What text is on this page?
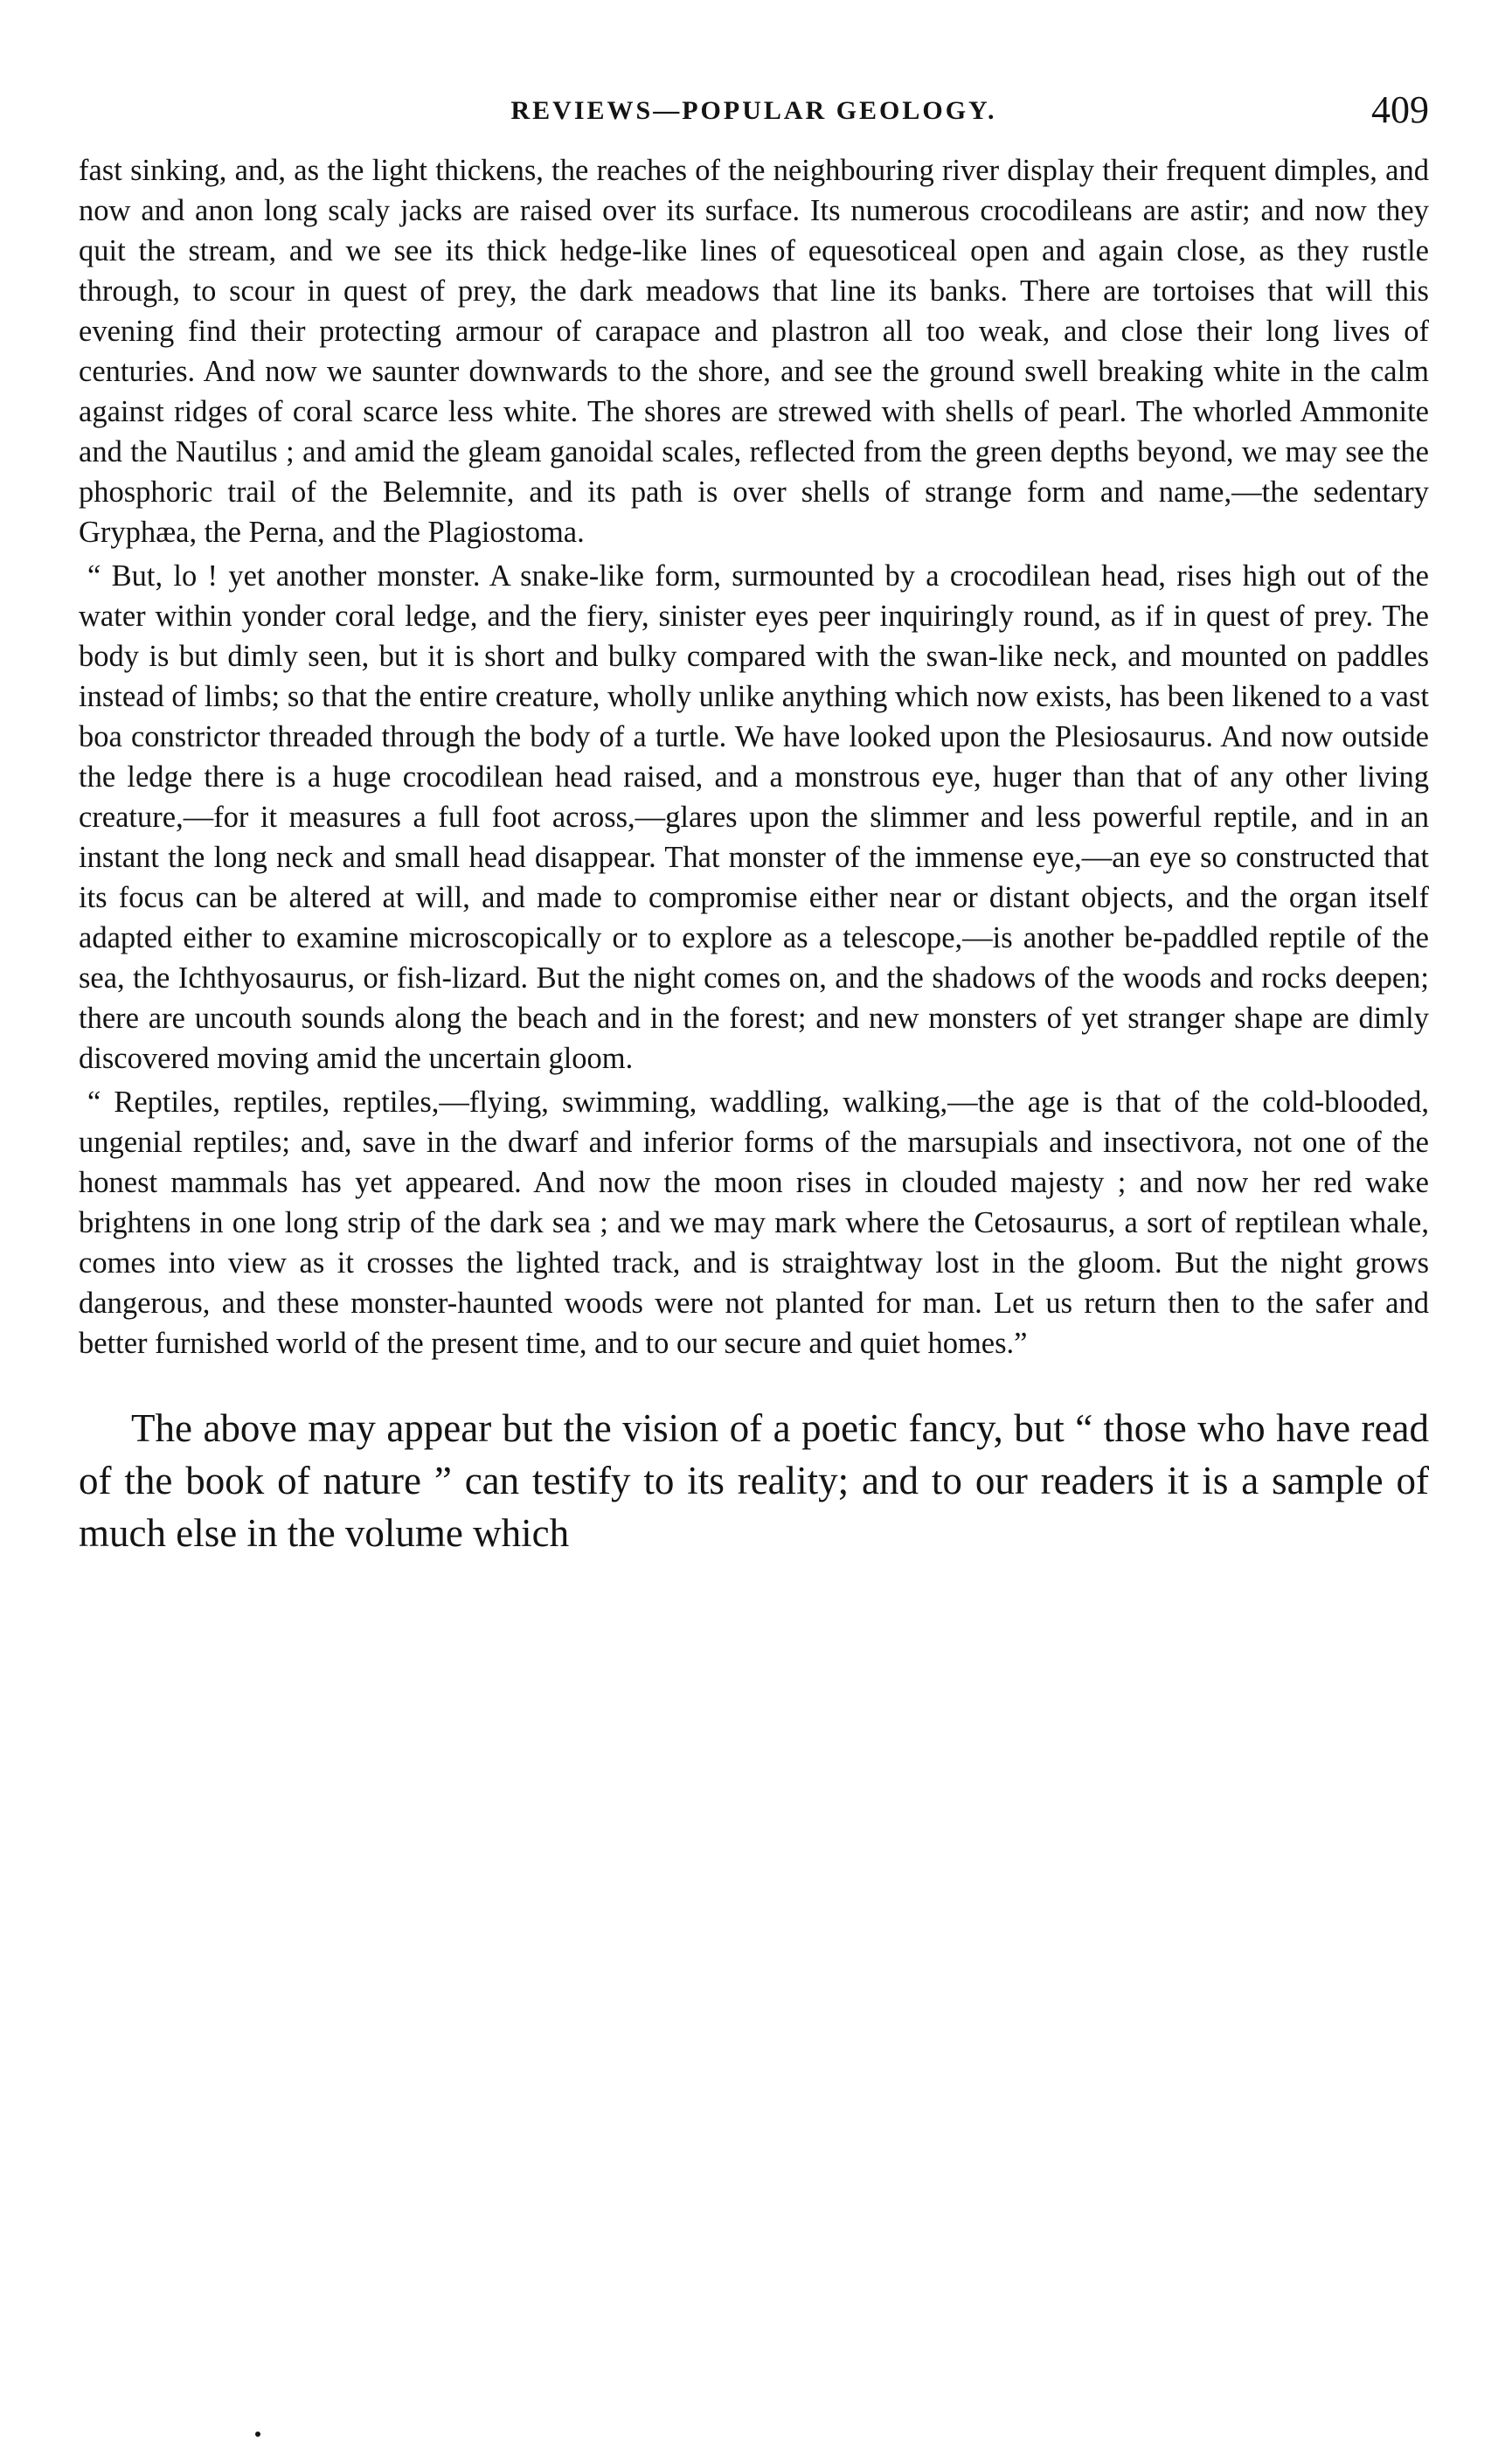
REVIEWS—POPULAR GEOLOGY.	409

fast sinking, and, as the light thickens, the reaches of the neighbouring river display their frequent dimples, and now and anon long scaly jacks are raised over its surface. Its numerous crocodileans are astir; and now they quit the stream, and we see its thick hedge-like lines of equesoticeal open and again close, as they rustle through, to scour in quest of prey, the dark meadows that line its banks. There are tortoises that will this evening find their protecting armour of carapace and plastron all too weak, and close their long lives of centuries. And now we saunter downwards to the shore, and see the ground swell breaking white in the calm against ridges of coral scarce less white. The shores are strewed with shells of pearl. The whorled Ammonite and the Nautilus ; and amid the gleam ganoidal scales, reflected from the green depths beyond, we may see the phosphoric trail of the Belemnite, and its path is over shells of strange form and name,—the sedentary Gryphæa, the Perna, and the Plagiostoma.

“ But, lo ! yet another monster. A snake-like form, surmounted by a crocodilean head, rises high out of the water within yonder coral ledge, and the fiery, sinister eyes peer inquiringly round, as if in quest of prey. The body is but dimly seen, but it is short and bulky compared with the swan-like neck, and mounted on paddles instead of limbs; so that the entire creature, wholly unlike anything which now exists, has been likened to a vast boa constrictor threaded through the body of a turtle. We have looked upon the Plesiosaurus. And now outside the ledge there is a huge crocodilean head raised, and a monstrous eye, huger than that of any other living creature,—for it measures a full foot across,—glares upon the slimmer and less powerful reptile, and in an instant the long neck and small head disappear. That monster of the immense eye,—an eye so constructed that its focus can be altered at will, and made to compromise either near or distant objects, and the organ itself adapted either to examine microscopically or to explore as a telescope,—is another be-paddled reptile of the sea, the Ichthyosaurus, or fish-lizard. But the night comes on, and the shadows of the woods and rocks deepen; there are uncouth sounds along the beach and in the forest; and new monsters of yet stranger shape are dimly discovered moving amid the uncertain gloom.

“ Reptiles, reptiles, reptiles,—flying, swimming, waddling, walking,—the age is that of the cold-blooded, ungenial reptiles; and, save in the dwarf and inferior forms of the marsupials and insectivora, not one of the honest mammals has yet appeared. And now the moon rises in clouded majesty ; and now her red wake brightens in one long strip of the dark sea ; and we may mark where the Cetosaurus, a sort of reptilean whale, comes into view as it crosses the lighted track, and is straightway lost in the gloom. But the night grows dangerous, and these monster-haunted woods were not planted for man. Let us return then to the safer and better furnished world of the present time, and to our secure and quiet homes.”

The above may appear but the vision of a poetic fancy, but “ those who have read of the book of nature ” can testify to its reality; and to our readers it is a sample of much else in the volume which
